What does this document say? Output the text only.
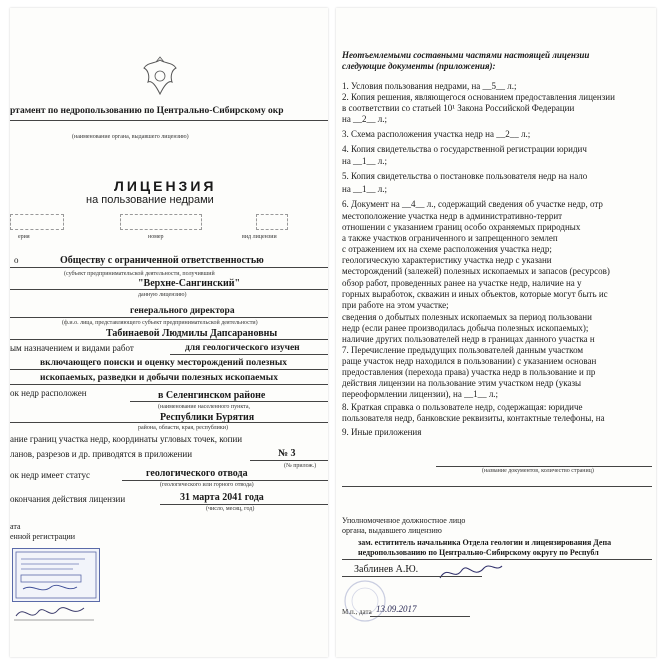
ртамент по недропользованию по Центрально-Сибирскому окр
(наименование органа, выдавшего лицензию)
ЛИЦЕНЗИЯ
на пользование недрами
ерия	номер	вид лицензии
о	Обществу с ограниченной ответственностью
(субъект предпринимательской деятельности, получивший
"Верхне-Сангинский"
данную лицензию)
генерального директора
(ф.и.о. лица, представляющего субъект предпринимательской деятельности)
Табинаевой Людмилы Дапсарановны
ым назначением и видами работ	для геологического изучен
включающего поиски и оценку месторождений полезных
ископаемых, разведки и добычи полезных ископаемых
ок недр расположен	в Селенгинском районе
(наименование населенного пункта,
Республики Бурятия
района, области, края, республики)
ание границ участка недр, координаты угловых точек, копии
ланов, разрезов и др. приводятся в приложении	№ 3
(№ прилож.)
ок недр имеет статус	геологического отвода
(геологического или горного отвода)
окончания действия лицензии	31 марта 2041 года
(число, месяц, год)
ата
енной регистрации
Неотъемлемыми составными частями настоящей лицензии
следующие документы (приложения):
1. Условия пользования недрами, на __5__ л.;
2. Копия решения, являющегося основанием предоставления лицензии
в соответствии со статьей 10¹ Закона Российской Федерации
на __2__ л.;
3. Схема расположения участка недр на __2__ л.;
4. Копия свидетельства о государственной регистрации юридич
на __1__ л.;
5. Копия свидетельства о постановке пользователя недр на нало
на __1__ л.;
6. Документ на __4__ л., содержащий сведения об участке недр, отр
местоположение участка недр в административно-террит
отношении с указанием границ особо охраняемых природных
а также участков ограниченного и запрещенного землеп
с отражением их на схеме расположения участка недр;
геологическую характеристику участка недр с указани
месторождений (залежей) полезных ископаемых и запасов (ресурсов)
обзор работ, проведенных ранее на участке недр, наличие на у
горных выработок, скважин и иных объектов, которые могут быть ис
при работе на этом участке;
сведения о добытых полезных ископаемых за период пользовани
недр (если ранее производилась добыча полезных ископаемых);
наличие других пользователей недр в границах данного участка н
7. Перечисление предыдущих пользователей данным участком
раще участок недр находился в пользовании) с указанием основан
предоставления (перехода права) участка недр в пользование и пр
действия лицензии на пользование этим участком недр (указы
переоформлении лицензии), на __1__ л.;
8. Краткая справка о пользователе недр, содержащая: юридиче
пользователя недр, банковские реквизиты, контактные телефоны, на
9. Иные приложения
(название документов, количество страниц)
Уполномоченное должностное лицо
органа, выдавшего лицензию
зам. естититель начальника Отдела геологии и лицензирования Депа
недропользованию по Центрально-Сибирскому округу по Республ
Заблинев А.Ю.
М.п., дата 13.09.2017
